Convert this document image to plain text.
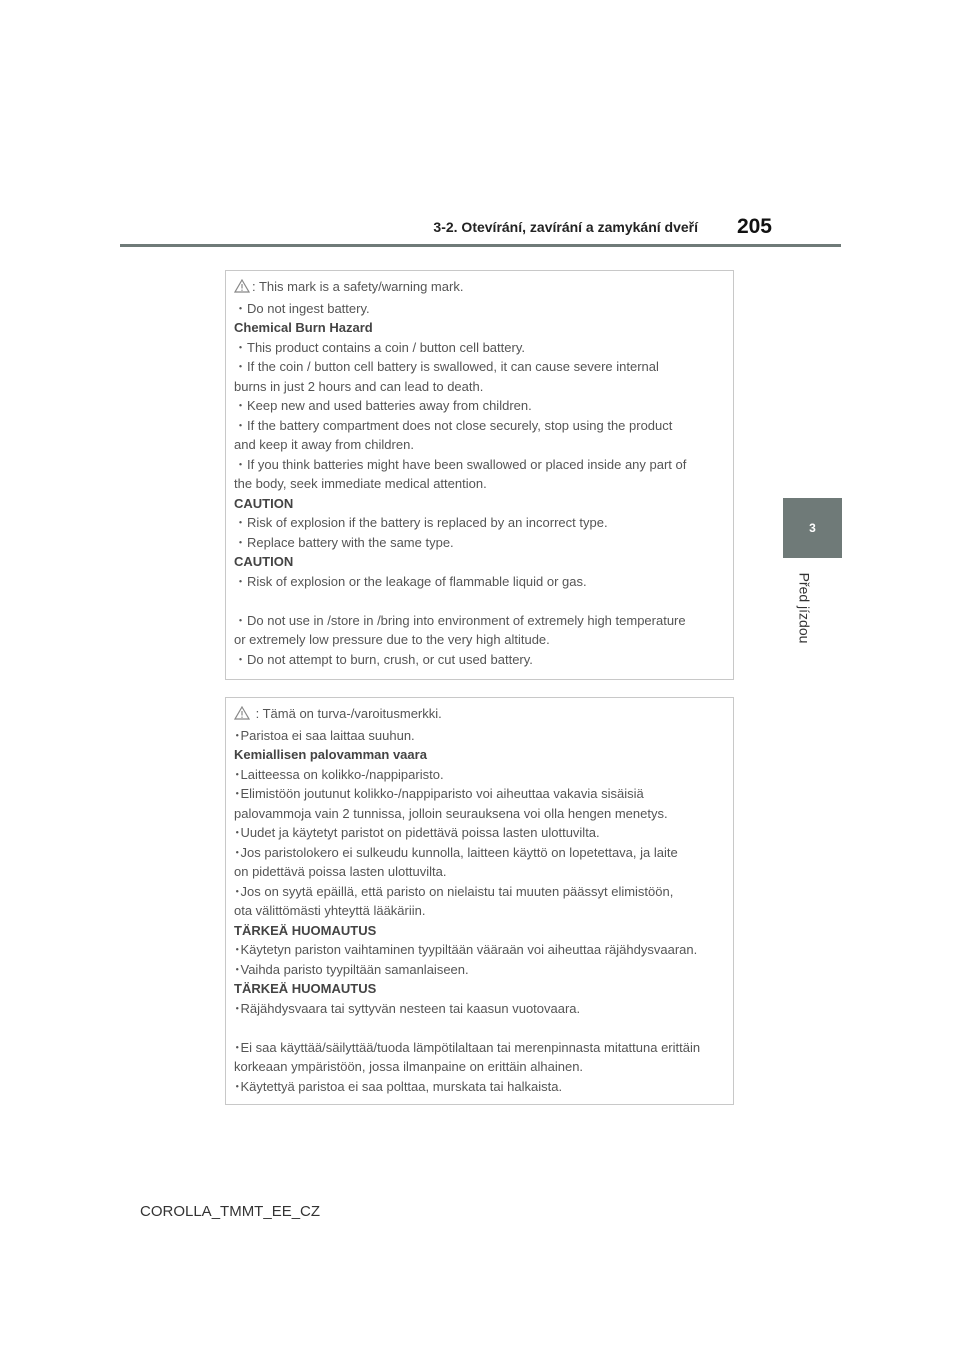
3-2. Otevírání, zavírání a zamykání dveří 205
3
Před jízdou
: This mark is a safety/warning mark.
・Do not ingest battery.
Chemical Burn Hazard
・This product contains a coin / button cell battery.
・If the coin / button cell battery is swallowed, it can cause severe internal
burns in just 2 hours and can lead to death.
・Keep new and used batteries away from children.
・If the battery compartment does not close securely, stop using the product
and keep it away from children.
・If you think batteries might have been swallowed or placed inside any part of
the body, seek immediate medical attention.
CAUTION
・Risk of explosion if the battery is replaced by an incorrect type.
・Replace battery with the same type.
CAUTION
・Risk of explosion or the leakage of flammable liquid or gas.
・Do not use in /store in /bring into environment of extremely high temperature
or extremely low pressure due to the very high altitude.
・Do not attempt to burn, crush, or cut used battery.
: Tämä on turva-/varoitusmerkki.
･Paristoa ei saa laittaa suuhun.
Kemiallisen palovamman vaara
･Laitteessa on kolikko-/nappiparisto.
･Elimistöön joutunut kolikko-/nappiparisto voi aiheuttaa vakavia sisäisiä
palovammoja vain 2 tunnissa, jolloin seurauksena voi olla hengen menetys.
･Uudet ja käytetyt paristot on pidettävä poissa lasten ulottuvilta.
･Jos paristolokero ei sulkeudu kunnolla, laitteen käyttö on lopetettava, ja laite
on pidettävä poissa lasten ulottuvilta.
･Jos on syytä epäillä, että paristo on nielaistu tai muuten päässyt elimistöön,
ota välittömästi yhteyttä lääkäriin.
TÄRKEÄ HUOMAUTUS
･Käytetyn pariston vaihtaminen tyypiltään vääraän voi aiheuttaa räjähdysvaaran.
･Vaihda paristo tyypiltään samanlaiseen.
TÄRKEÄ HUOMAUTUS
･Räjähdysvaara tai syttyvän nesteen tai kaasun vuotovaara.
･Ei saa käyttää/säilyttää/tuoda lämpötilaltaan tai merenpinnasta mitattuna erittäin
korkeaan ympäristöön, jossa ilmanpaine on erittäin alhainen.
･Käytettyä paristoa ei saa polttaa, murskata tai halkaista.
COROLLA_TMMT_EE_CZ
